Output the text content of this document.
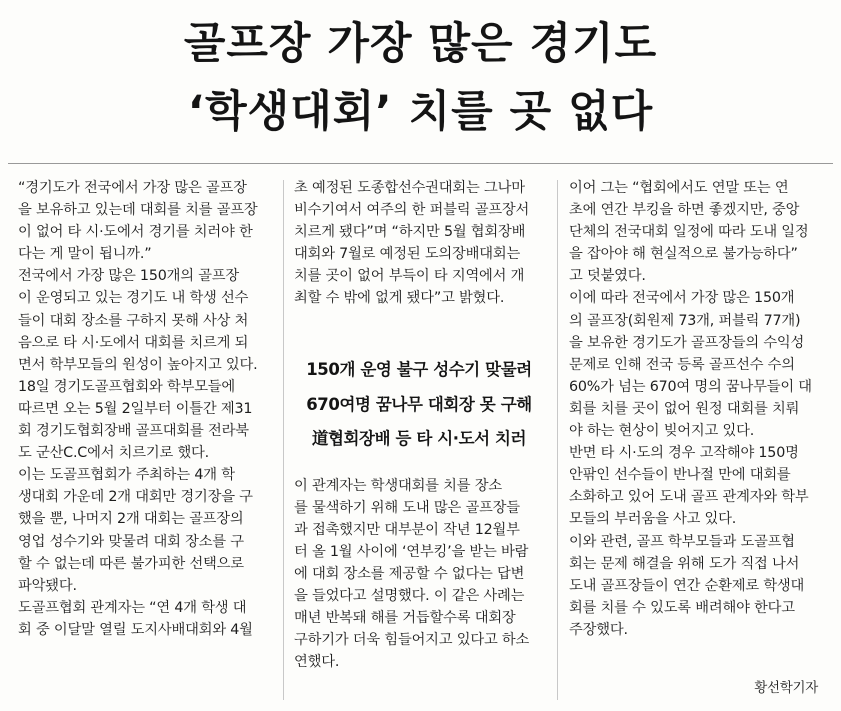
골프장 가장 많은 경기도
‘학생대회’ 치를 곳 없다
“경기도가 전국에서 가장 많은 골프장
을 보유하고 있는데 대회를 치를 골프장
이 없어 타 시·도에서 경기를 치러야 한
다는 게 말이 됩니까.”
전국에서 가장 많은 150개의 골프장
이 운영되고 있는 경기도 내 학생 선수
들이 대회 장소를 구하지 못해 사상 처
음으로 타 시·도에서 대회를 치르게 되
면서 학부모들의 원성이 높아지고 있다.
18일 경기도골프협회와 학부모들에
따르면 오는 5월 2일부터 이틀간 제31
회 경기도협회장배 골프대회를 전라북
도 군산C.C에서 치르기로 했다.
이는 도골프협회가 주최하는 4개 학
생대회 가운데 2개 대회만 경기장을 구
했을 뿐, 나머지 2개 대회는 골프장의
영업 성수기와 맞물려 대회 장소를 구
할 수 없는데 따른 불가피한 선택으로
파악됐다.
도골프협회 관계자는 “연 4개 학생 대
회 중 이달말 열릴 도지사배대회와 4월
초 예정된 도종합선수권대회는 그나마
비수기여서 여주의 한 퍼블릭 골프장서
치르게 됐다”며 “하지만 5월 협회장배
대회와 7월로 예정된 도의장배대회는
치를 곳이 없어 부득이 타 지역에서 개
최할 수 밖에 없게 됐다”고 밝혔다.
이 관계자는 학생대회를 치를 장소
를 물색하기 위해 도내 많은 골프장들
과 접촉했지만 대부분이 작년 12월부
터 올 1월 사이에 ‘연부킹’을 받는 바람
에 대회 장소를 제공할 수 없다는 답변
을 들었다고 설명했다. 이 같은 사례는
매년 반복돼 해를 거듭할수록 대회장
구하기가 더욱 힘들어지고 있다고 하소
연했다.
150개 운영 불구 성수기 맞물려
670여명 꿈나무 대회장 못 구해
道협회장배 등 타 시·도서 치러
이어 그는 “협회에서도 연말 또는 연
초에 연간 부킹을 하면 좋겠지만, 중앙
단체의 전국대회 일정에 따라 도내 일정
을 잡아야 해 현실적으로 불가능하다”
고 덧붙였다.
이에 따라 전국에서 가장 많은 150개
의 골프장(회원제 73개, 퍼블릭 77개)
을 보유한 경기도가 골프장들의 수익성
문제로 인해 전국 등록 골프선수 수의
60%가 넘는 670여 명의 꿈나무들이 대
회를 치를 곳이 없어 원정 대회를 치뤄
야 하는 현상이 빚어지고 있다.
반면 타 시·도의 경우 고작해야 150명
안팎인 선수들이 반나절 만에 대회를
소화하고 있어 도내 골프 관계자와 학부
모들의 부러움을 사고 있다.
이와 관련, 골프 학부모들과 도골프협
회는 문제 해결을 위해 도가 직접 나서
도내 골프장들이 연간 순환제로 학생대
회를 치를 수 있도록 배려해야 한다고
주장했다.
황선학기자
